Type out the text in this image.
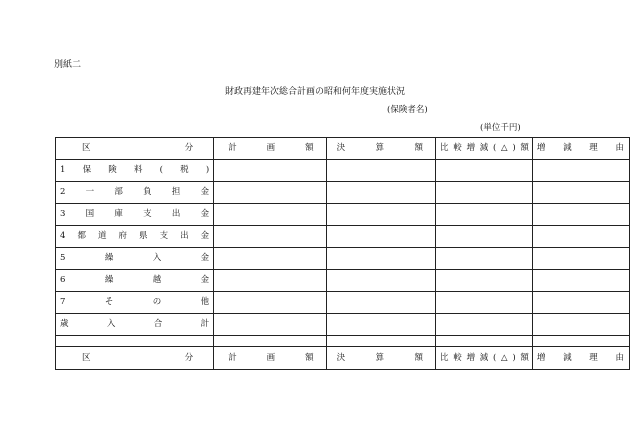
別紙二
財政再建年次総合計画の昭和何年度実施状況
(保険者名)
(単位千円)
区分	計画額	決算額	比較増減(△)額	増減理由
1保険料(税)				
2一部負担金				
3国庫支出金				
4都道府県支出金				
5繰入金				
6繰越金				
7その他				
歳入合計				

区分	計画額	決算額	比較増減(△)額	増減理由
